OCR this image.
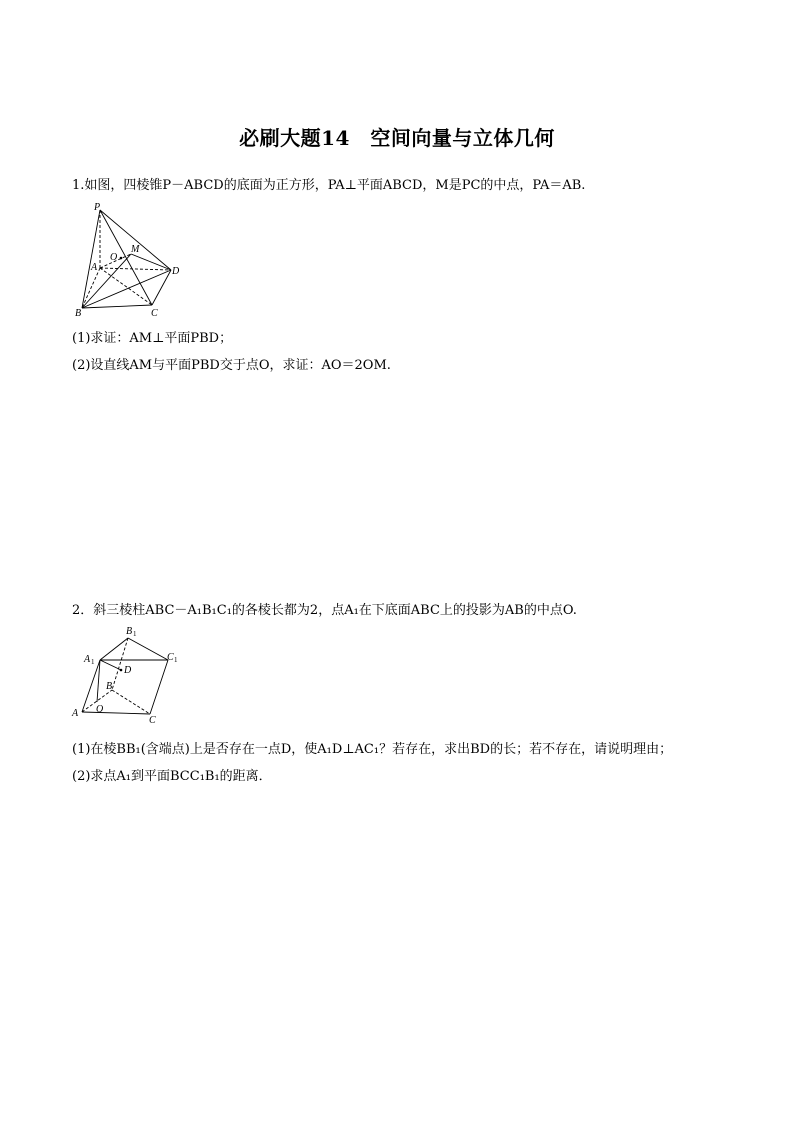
必刷大题14　空间向量与立体几何
1.如图，四棱锥P－ABCD的底面为正方形，PA⊥平面ABCD，M是PC的中点，PA＝AB.
P
M
O
A	D
B	C
(1)求证：AM⊥平面PBD；
(2)设直线AM与平面PBD交于点O，求证：AO＝2OM.
2．斜三棱柱ABC－A₁B₁C₁的各棱长都为2，点A₁在下底面ABC上的投影为AB的中点O.
B 1
A 1	C 1
D
B
A O
C
(1)在棱BB₁(含端点)上是否存在一点D，使A₁D⊥AC₁？若存在，求出BD的长；若不存在，请说明理由；
(2)求点A₁到平面BCC₁B₁的距离．
